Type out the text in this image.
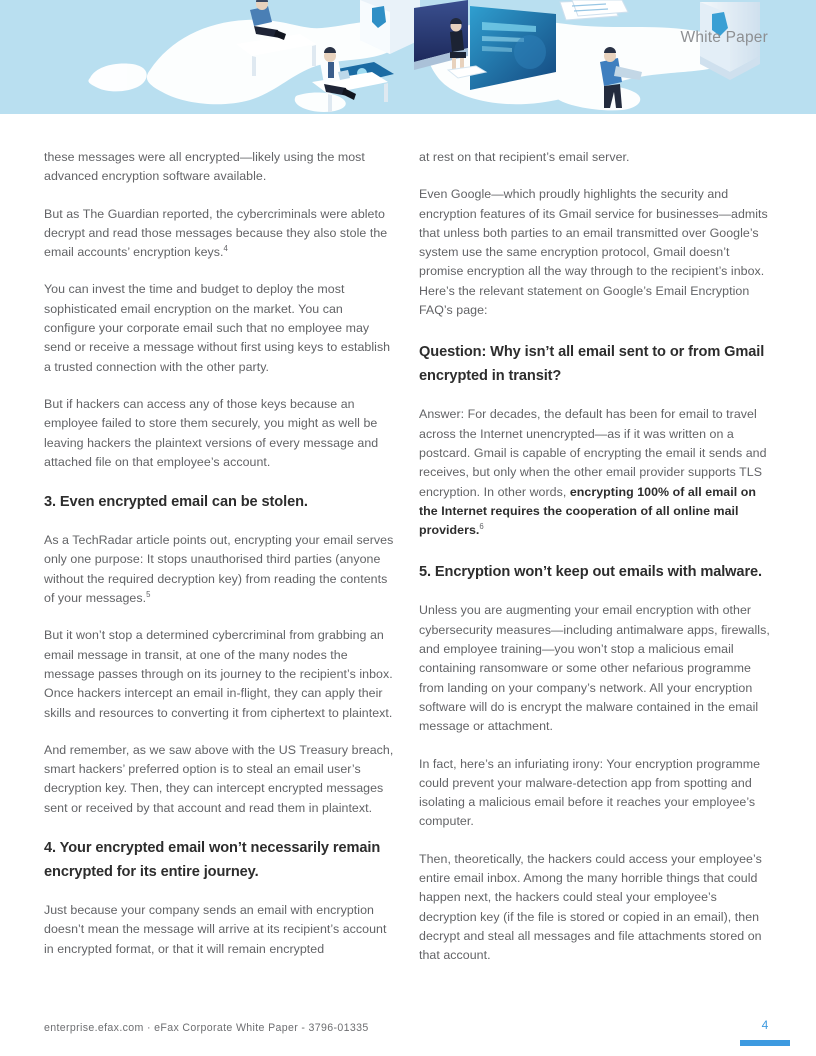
White Paper

these messages were all encrypted—likely using the most advanced encryption software available.

But as The Guardian reported, the cybercriminals were ableto decrypt and read those messages because they also stole the email accounts’ encryption keys.$^4$

You can invest the time and budget to deploy the most sophisticated email encryption on the market. You can configure your corporate email such that no employee may send or receive a message without first using keys to establish a trusted connection with the other party.

But if hackers can access any of those keys because an employee failed to store them securely, you might as well be leaving hackers the plaintext versions of every message and attached file on that employee’s account.

3. Even encrypted email can be stolen.

As a TechRadar article points out, encrypting your email serves only one purpose: It stops unauthorised third parties (anyone without the required decryption key) from reading the contents of your messages.$^5$

But it won’t stop a determined cybercriminal from grabbing an email message in transit, at one of the many nodes the message passes through on its journey to the recipient’s inbox. Once hackers intercept an email in-flight, they can apply their skills and resources to converting it from ciphertext to plaintext.

And remember, as we saw above with the US Treasury breach, smart hackers’ preferred option is to steal an email user’s decryption key. Then, they can intercept encrypted messages sent or received by that account and read them in plaintext.

4. Your encrypted email won’t necessarily remain encrypted for its entire journey.

Just because your company sends an email with encryption doesn’t mean the message will arrive at its recipient’s account in encrypted format, or that it will remain encrypted

at rest on that recipient’s email server.

Even Google—which proudly highlights the security and encryption features of its Gmail service for businesses—admits that unless both parties to an email transmitted over Google’s system use the same encryption protocol, Gmail doesn’t promise encryption all the way through to the recipient’s inbox. Here’s the relevant statement on Google’s Email Encryption FAQ’s page:

Question: Why isn’t all email sent to or from Gmail encrypted in transit?

Answer: For decades, the default has been for email to travel across the Internet unencrypted—as if it was written on a postcard. Gmail is capable of encrypting the email it sends and receives, but only when the other email provider supports TLS encryption. In other words, encrypting 100% of all email on the Internet requires the cooperation of all online mail providers.$^6$

5. Encryption won’t keep out emails with malware.

Unless you are augmenting your email encryption with other cybersecurity measures—including antimalware apps, firewalls, and employee training—you won’t stop a malicious email containing ransomware or some other nefarious programme from landing on your company’s network. All your encryption software will do is encrypt the malware contained in the email message or attachment.

In fact, here’s an infuriating irony: Your encryption programme could prevent your malware-detection app from spotting and isolating a malicious email before it reaches your employee’s computer.

Then, theoretically, the hackers could access your employee’s entire email inbox. Among the many horrible things that could happen next, the hackers could steal your employee’s decryption key (if the file is stored or copied in an email), then decrypt and steal all messages and file attachments stored on that account.

enterprise.efax.com · eFax Corporate White Paper - 3796-01335	4
